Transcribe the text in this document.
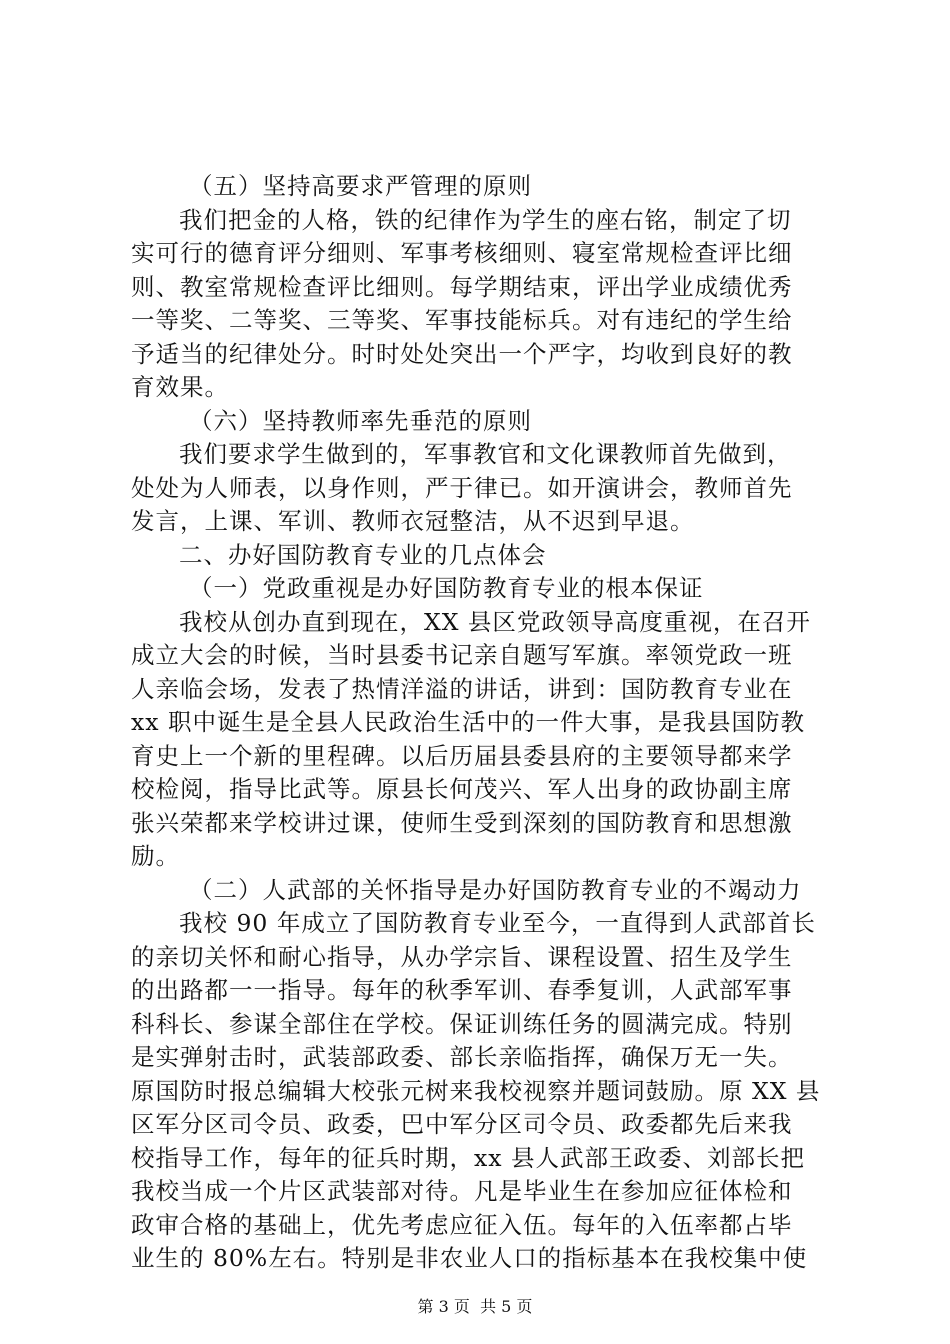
（五）坚持高要求严管理的原则
我们把金的人格，铁的纪律作为学生的座右铭，制定了切
实可行的德育评分细则、军事考核细则、寝室常规检查评比细
则、教室常规检查评比细则。每学期结束，评出学业成绩优秀
一等奖、二等奖、三等奖、军事技能标兵。对有违纪的学生给
予适当的纪律处分。时时处处突出一个严字，均收到良好的教
育效果。
（六）坚持教师率先垂范的原则
我们要求学生做到的，军事教官和文化课教师首先做到，
处处为人师表，以身作则，严于律已。如开演讲会，教师首先
发言，上课、军训、教师衣冠整洁，从不迟到早退。
二、办好国防教育专业的几点体会
（一）党政重视是办好国防教育专业的根本保证
我校从创办直到现在，XX 县区党政领导高度重视，在召开
成立大会的时候，当时县委书记亲自题写军旗。率领党政一班
人亲临会场，发表了热情洋溢的讲话，讲到：国防教育专业在
xx 职中诞生是全县人民政治生活中的一件大事，是我县国防教
育史上一个新的里程碑。以后历届县委县府的主要领导都来学
校检阅，指导比武等。原县长何茂兴、军人出身的政协副主席
张兴荣都来学校讲过课，使师生受到深刻的国防教育和思想激
励。
（二）人武部的关怀指导是办好国防教育专业的不竭动力
我校 90 年成立了国防教育专业至今，一直得到人武部首长
的亲切关怀和耐心指导，从办学宗旨、课程设置、招生及学生
的出路都一一指导。每年的秋季军训、春季复训，人武部军事
科科长、参谋全部住在学校。保证训练任务的圆满完成。特别
是实弹射击时，武装部政委、部长亲临指挥，确保万无一失。
原国防时报总编辑大校张元树来我校视察并题词鼓励。原 XX 县
区军分区司令员、政委，巴中军分区司令员、政委都先后来我
校指导工作，每年的征兵时期，xx 县人武部王政委、刘部长把
我校当成一个片区武装部对待。凡是毕业生在参加应征体检和
政审合格的基础上，优先考虑应征入伍。每年的入伍率都占毕
业生的 80%左右。特别是非农业人口的指标基本在我校集中使
第 3 页  共 5 页
